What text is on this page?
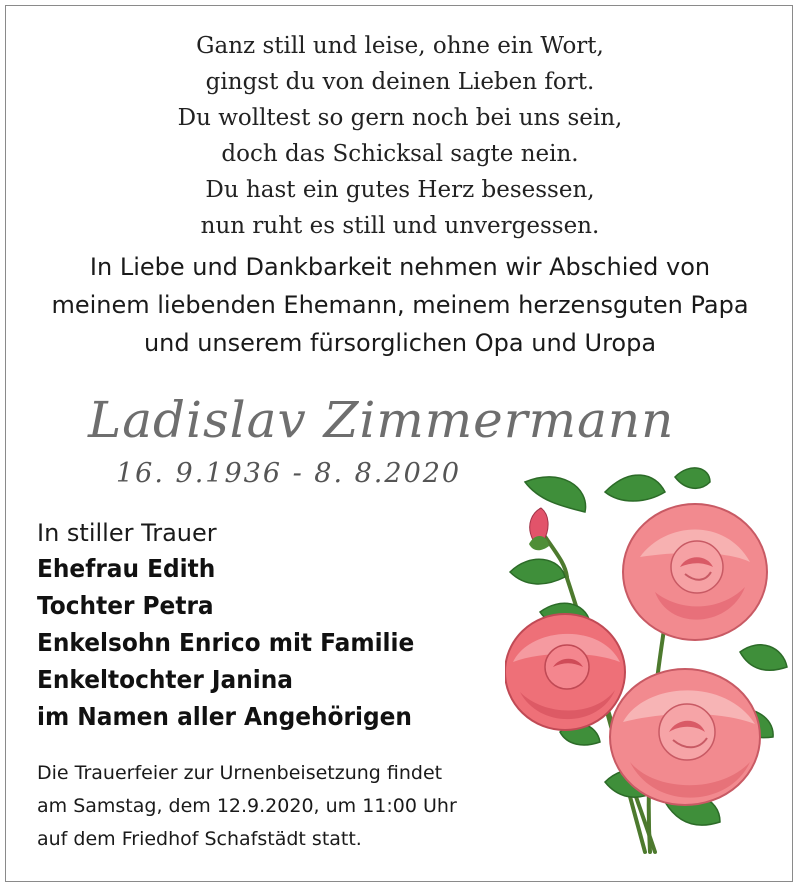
Ganz still und leise, ohne ein Wort,
gingst du von deinen Lieben fort.
Du wolltest so gern noch bei uns sein,
doch das Schicksal sagte nein.
Du hast ein gutes Herz besessen,
nun ruht es still und unvergessen.
In Liebe und Dankbarkeit nehmen wir Abschied von
meinem liebenden Ehemann, meinem herzensguten Papa
und unserem fürsorglichen Opa und Uropa
Ladislav Zimmermann
16. 9.1936 - 8. 8.2020
In stiller Trauer
Ehefrau Edith
Tochter Petra
Enkelsohn Enrico mit Familie
Enkeltochter Janina
im Namen aller Angehörigen
Die Trauerfeier zur Urnenbeisetzung findet
am Samstag, dem 12.9.2020, um 11:00 Uhr
auf dem Friedhof Schafstädt statt.
